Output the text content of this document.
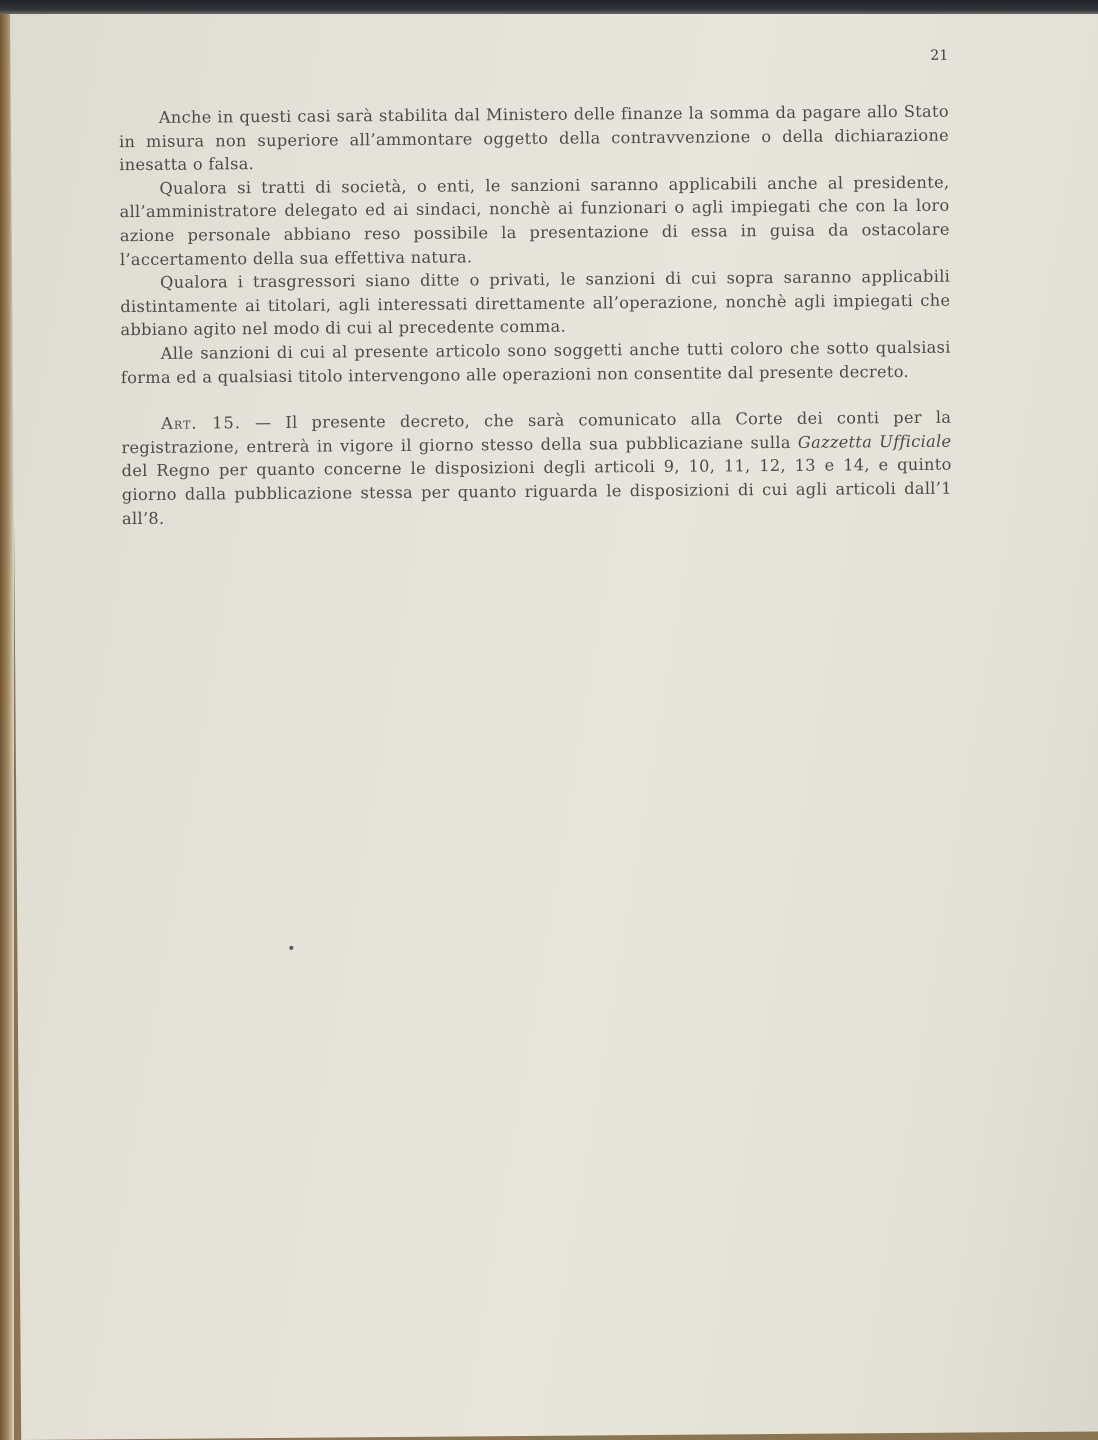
21

Anche in questi casi sarà stabilita dal Ministero delle finanze la somma da pagare allo Stato in misura non superiore all’ammontare oggetto della contravvenzione o della dichiarazione inesatta o falsa.

Qualora si tratti di società, o enti, le sanzioni saranno applicabili anche al presidente, all’amministratore delegato ed ai sindaci, nonchè ai funzionari o agli impiegati che con la loro azione personale abbiano reso possibile la presentazione di essa in guisa da ostacolare l’accertamento della sua effettiva natura.

Qualora i trasgressori siano ditte o privati, le sanzioni di cui sopra saranno applicabili distintamente ai titolari, agli interessati direttamente all’operazione, nonchè agli impiegati che abbiano agito nel modo di cui al precedente comma.

Alle sanzioni di cui al presente articolo sono soggetti anche tutti coloro che sotto qualsiasi forma ed a qualsiasi titolo intervengono alle operazioni non consentite dal presente decreto.

Art. 15. — Il presente decreto, che sarà comunicato alla Corte dei conti per la registrazione, entrerà in vigore il giorno stesso della sua pubblicaziane sulla Gazzetta Ufficiale del Regno per quanto concerne le disposizioni degli articoli 9, 10, 11, 12, 13 e 14, e quinto giorno dalla pubblicazione stessa per quanto riguarda le disposizioni di cui agli articoli dall’1 all’8.
